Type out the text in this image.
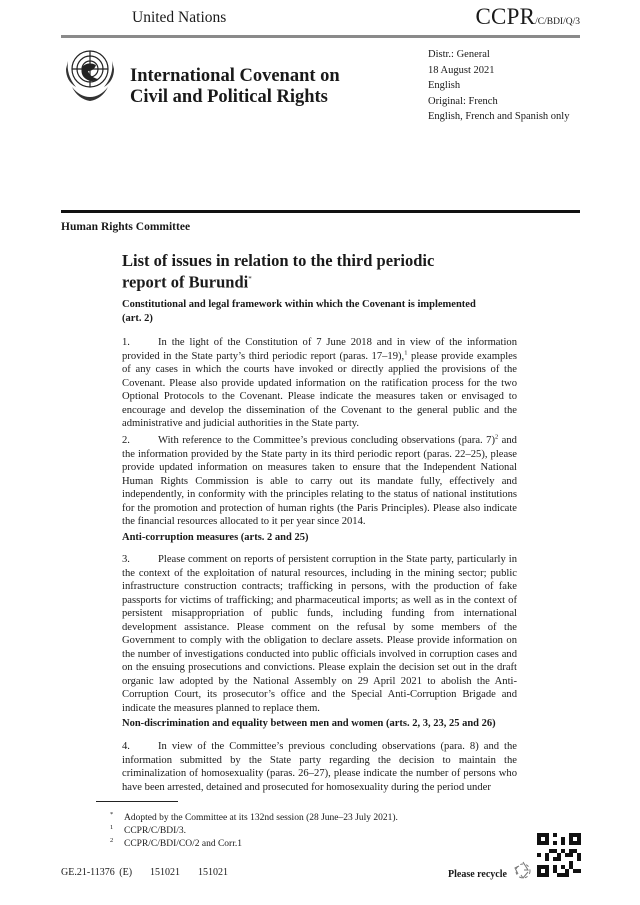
United Nations	CCPR/C/BDI/Q/3
International Covenant on
Civil and Political Rights
Distr.: General
18 August 2021
English
Original: French
English, French and Spanish only
Human Rights Committee
List of issues in relation to the third periodic report of Burundi*
Constitutional and legal framework within which the Covenant is implemented (art. 2)
1.	In the light of the Constitution of 7 June 2018 and in view of the information provided in the State party’s third periodic report (paras. 17–19),$^1$ please provide examples of any cases in which the courts have invoked or directly applied the provisions of the Covenant. Please also provide updated information on the ratification process for the two Optional Protocols to the Covenant. Please indicate the measures taken or envisaged to encourage and develop the dissemination of the Covenant to the general public and the administrative and judicial authorities in the State party.
2.	With reference to the Committee’s previous concluding observations (para. 7)$^2$ and the information provided by the State party in its third periodic report (paras. 22–25), please provide updated information on measures taken to ensure that the Independent National Human Rights Commission is able to carry out its mandate fully, effectively and independently, in conformity with the principles relating to the status of national institutions for the promotion and protection of human rights (the Paris Principles). Please also indicate the financial resources allocated to it per year since 2014.
Anti-corruption measures (arts. 2 and 25)
3.	Please comment on reports of persistent corruption in the State party, particularly in the context of the exploitation of natural resources, including in the mining sector; public infrastructure construction contracts; trafficking in persons, with the production of fake passports for victims of trafficking; and pharmaceutical imports; as well as in the context of persistent misappropriation of public funds, including funding from international development assistance. Please comment on the refusal by some members of the Government to comply with the obligation to declare assets. Please provide information on the number of investigations conducted into public officials involved in corruption cases and on the ensuing prosecutions and convictions. Please explain the decision set out in the draft organic law adopted by the National Assembly on 29 April 2021 to abolish the Anti-Corruption Court, its prosecutor’s office and the Special Anti-Corruption Brigade and indicate the measures planned to replace them.
Non-discrimination and equality between men and women (arts. 2, 3, 23, 25 and 26)
4.	In view of the Committee’s previous concluding observations (para. 8) and the information submitted by the State party regarding the decision to maintain the criminalization of homosexuality (paras. 26–27), please indicate the number of persons who have been arrested, detained and prosecuted for homosexuality during the period under
* Adopted by the Committee at its 132nd session (28 June–23 July 2021).
1 CCPR/C/BDI/3.
2 CCPR/C/BDI/CO/2 and Corr.1
GE.21-11376 (E)    151021    151021	Please recycle
